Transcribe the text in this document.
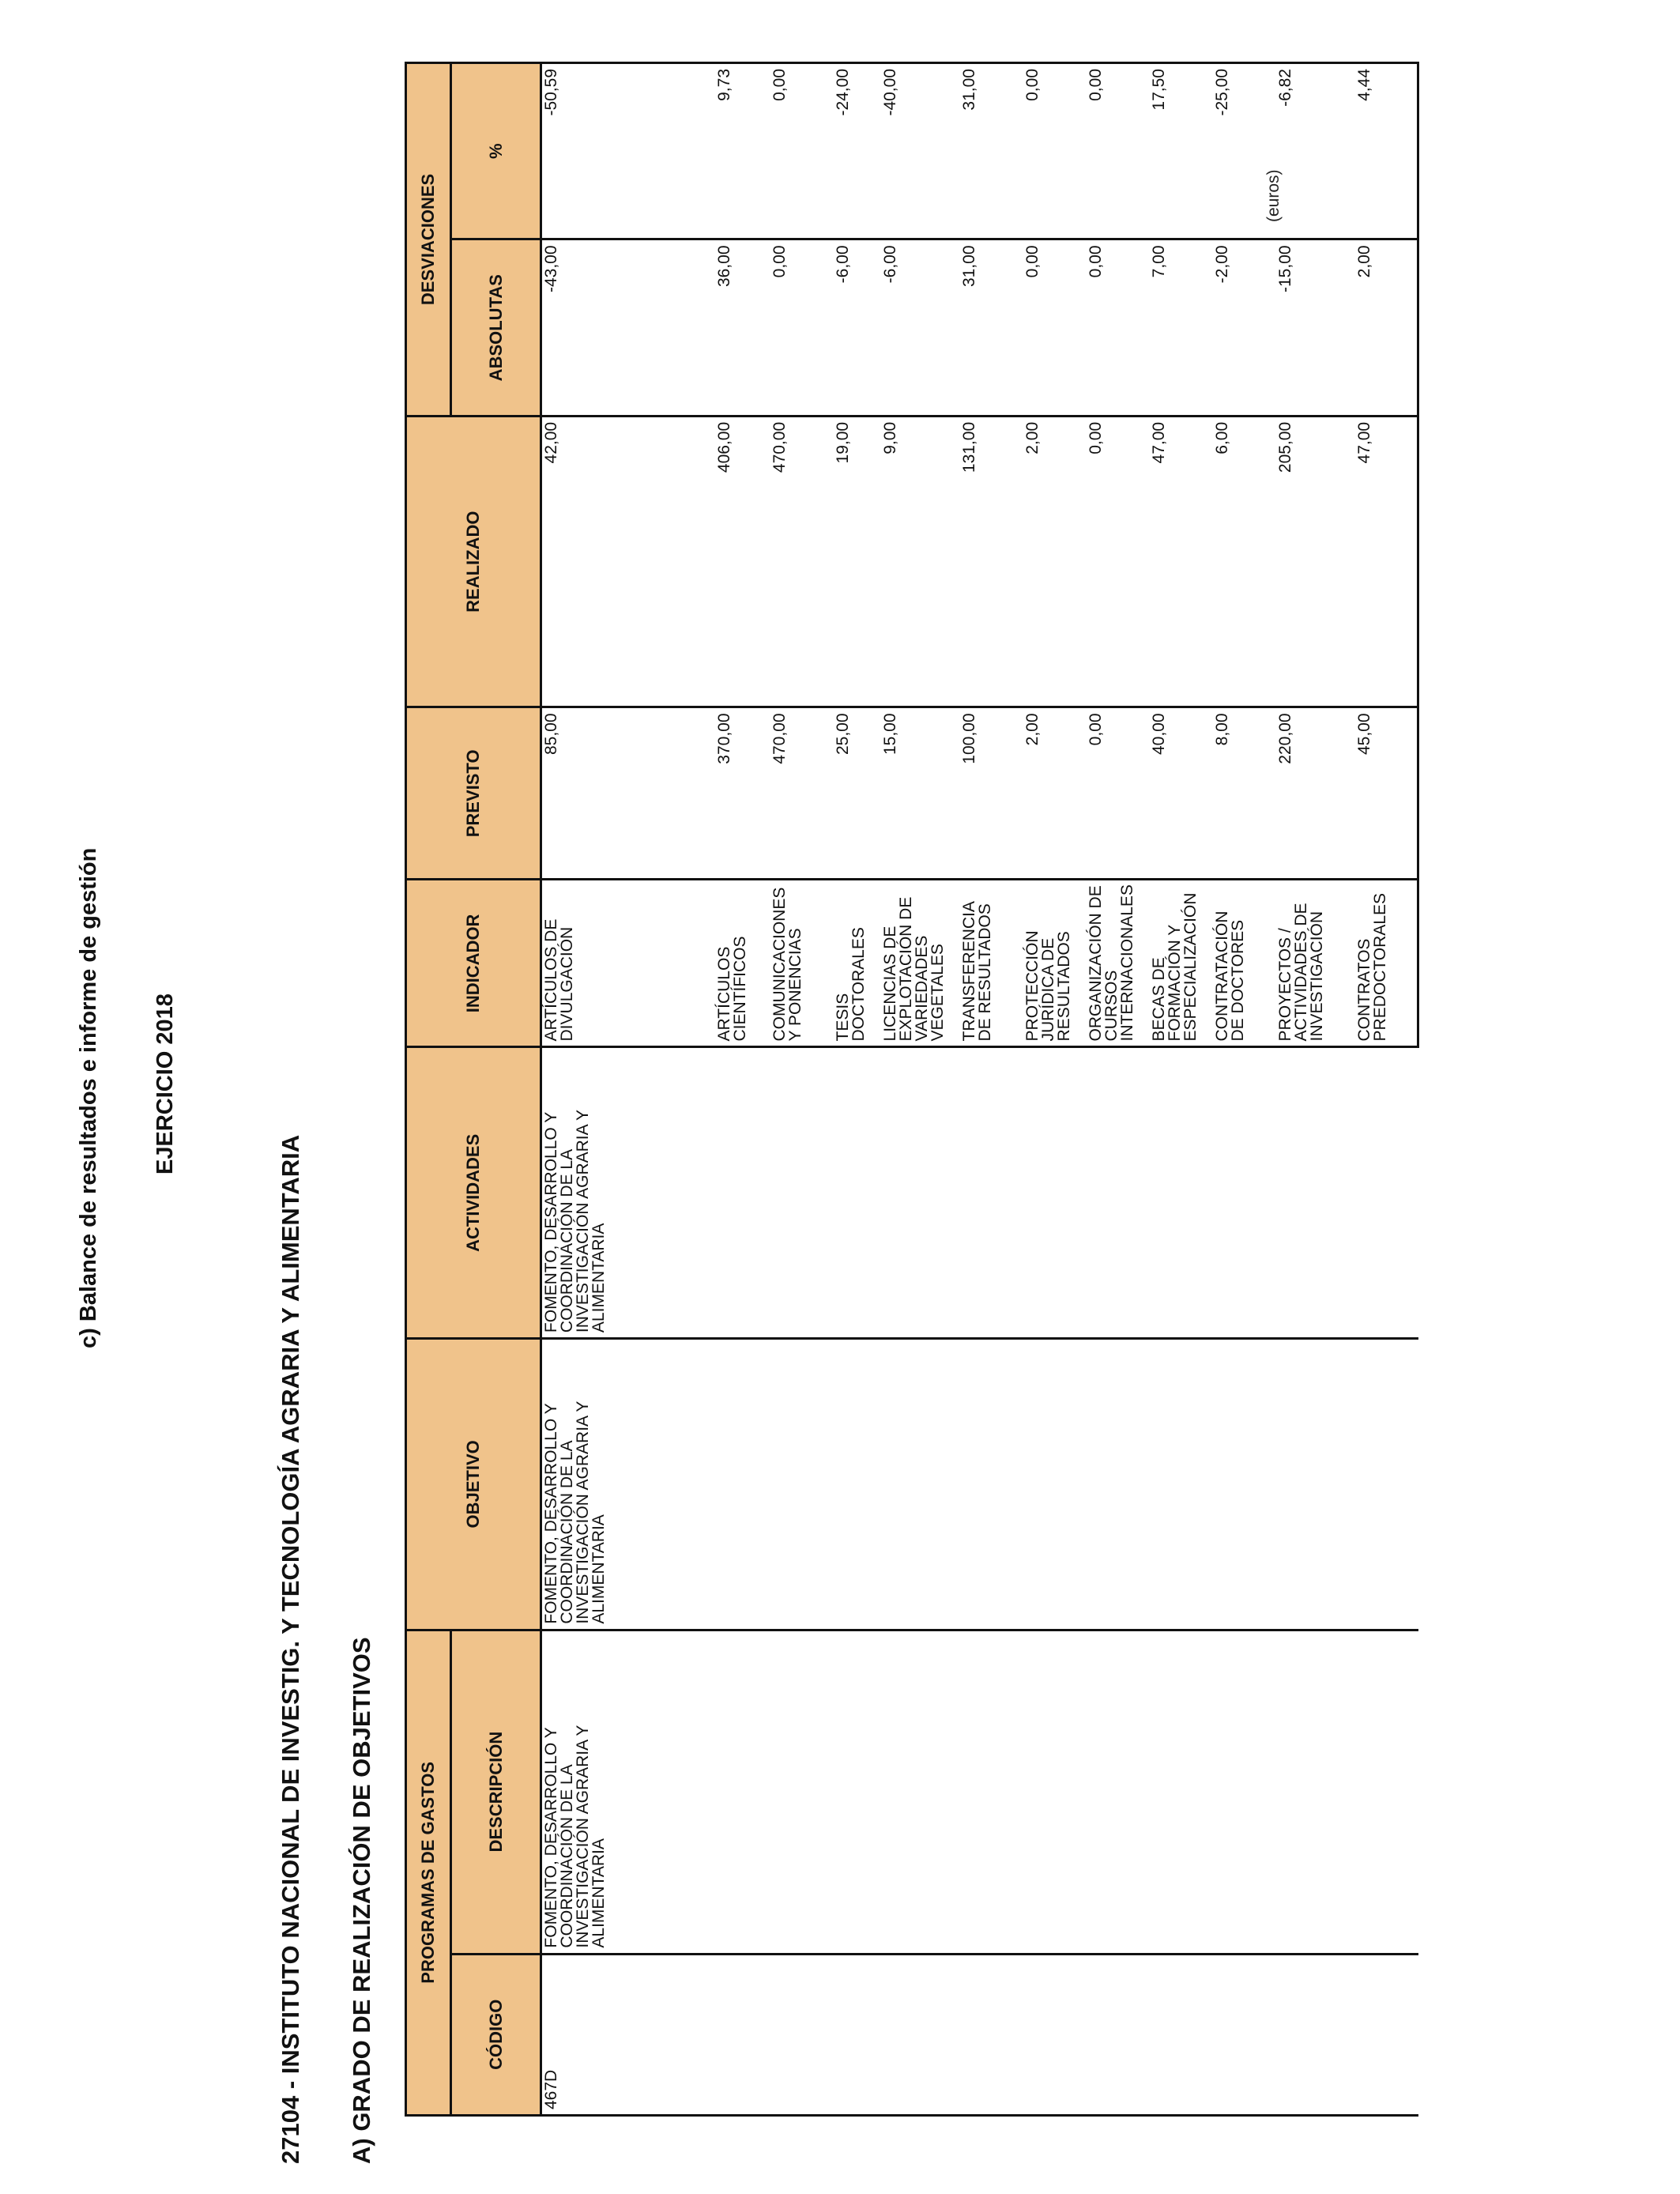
c) Balance de resultados e informe de gestión EJERCICIO 2018
27104 - INSTITUTO NACIONAL DE INVESTIG. Y TECNOLOGÍA AGRARIA Y ALIMENTARIA A) GRADO DE REALIZACIÓN DE OBJETIVOS
(euros)
PROGRAMAS DE GASTOS		OBJETIVO	ACTIVIDADES	INDICADOR	PREVISTO	REALIZADO	DESVIACIONES	
CÓDIGO	DESCRIPCIÓN						ABSOLUTAS	%
467D	FOMENTO, DESARROLLO Y COORDINACIÓN DE LA INVESTIGACIÓN AGRARIA Y ALIMENTARIA	FOMENTO, DESARROLLO Y COORDINACIÓN DE LA INVESTIGACIÓN AGRARIA Y ALIMENTARIA	FOMENTO, DESARROLLO Y COORDINACIÓN DE LA INVESTIGACIÓN AGRARIA Y ALIMENTARIA	ARTÍCULOS DE DIVULGACIÓN	85,00	42,00	-43,00	-50,59
				ARTÍCULOS CIENTÍFICOS	370,00	406,00	36,00	9,73
				COMUNICACIONES Y PONENCIAS	470,00	470,00	0,00	0,00
				TESIS DOCTORALES	25,00	19,00	-6,00	-24,00
				LICENCIAS DE EXPLOTACIÓN DE VARIEDADES VEGETALES	15,00	9,00	-6,00	-40,00
				TRANSFERENCIA DE RESULTADOS	100,00	131,00	31,00	31,00
				PROTECCIÓN JURÍDICA DE RESULTADOS	2,00	2,00	0,00	0,00
				ORGANIZACIÓN DE CURSOS INTERNACIONALES	0,00	0,00	0,00	0,00
				BECAS DE FORMACIÓN Y ESPECIALIZACIÓN	40,00	47,00	7,00	17,50
				CONTRATACIÓN DE DOCTORES	8,00	6,00	-2,00	-25,00
				PROYECTOS / ACTIVIDADES DE INVESTIGACIÓN	220,00	205,00	-15,00	-6,82
				CONTRATOS PREDOCTORALES	45,00	47,00	2,00	4,44
